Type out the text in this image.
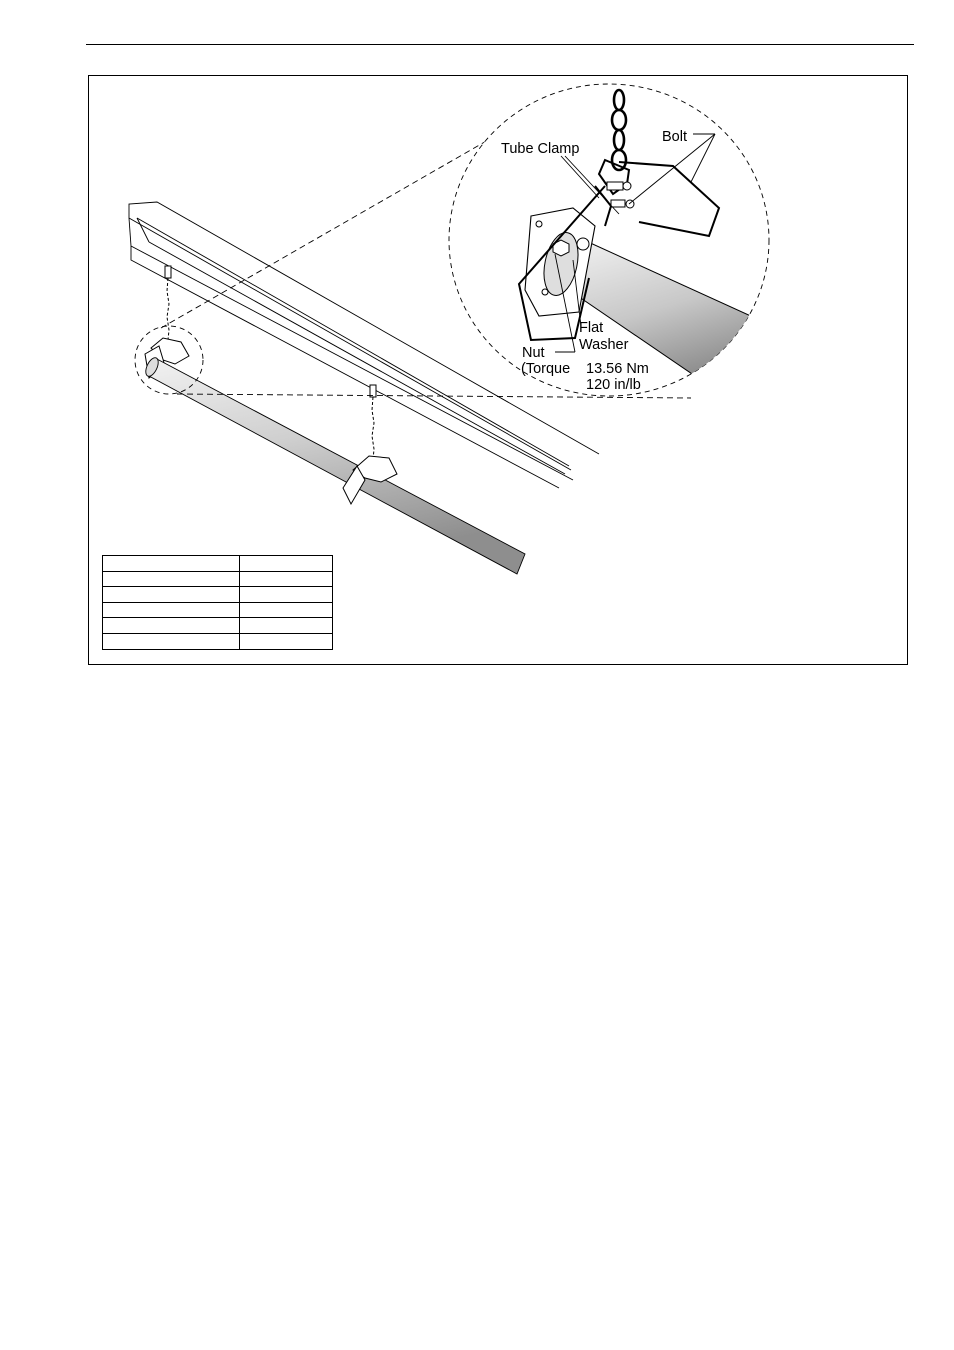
Tube Clamp
Bolt
Flat
Washer
Nut
(Torque 13.56 Nm
120 in/lb
